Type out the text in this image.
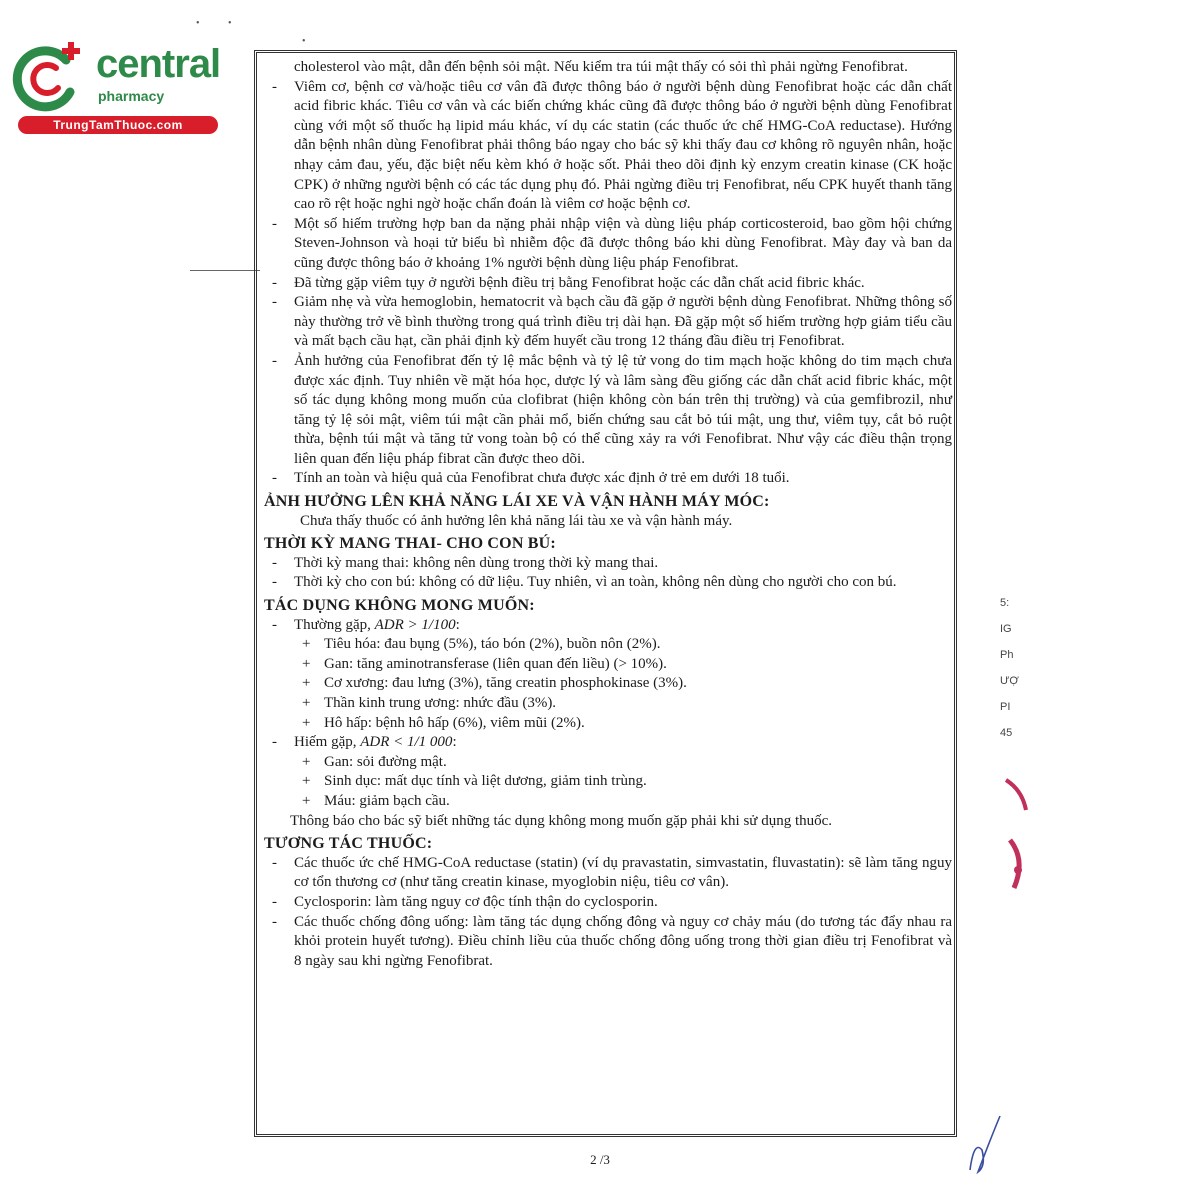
central
pharmacy
TrungTamThuoc.com
•	•
•

cholesterol vào mật, dẫn đến bệnh sỏi mật. Nếu kiểm tra túi mật thấy có sỏi thì phải ngừng Fenofibrat.

- Viêm cơ, bệnh cơ và/hoặc tiêu cơ vân đã được thông báo ở người bệnh dùng Fenofibrat hoặc các dẫn chất acid fibric khác. Tiêu cơ vân và các biến chứng khác cũng đã được thông báo ở người bệnh dùng Fenofibrat cùng với một số thuốc hạ lipid máu khác, ví dụ các statin (các thuốc ức chế HMG-CoA reductase). Hướng dẫn bệnh nhân dùng Fenofibrat phải thông báo ngay cho bác sỹ khi thấy đau cơ không rõ nguyên nhân, hoặc nhạy cảm đau, yếu, đặc biệt nếu kèm khó ở hoặc sốt. Phải theo dõi định kỳ enzym creatin kinase (CK hoặc CPK) ở những người bệnh có các tác dụng phụ đó. Phải ngừng điều trị Fenofibrat, nếu CPK huyết thanh tăng cao rõ rệt hoặc nghi ngờ hoặc chẩn đoán là viêm cơ hoặc bệnh cơ.

- Một số hiếm trường hợp ban da nặng phải nhập viện và dùng liệu pháp corticosteroid, bao gồm hội chứng Steven-Johnson và hoại tử biểu bì nhiễm độc đã được thông báo khi dùng Fenofibrat. Mày đay và ban da cũng được thông báo ở khoảng 1% người bệnh dùng liệu pháp Fenofibrat.

- Đã từng gặp viêm tụy ở người bệnh điều trị bằng Fenofibrat hoặc các dẫn chất acid fibric khác.

- Giảm nhẹ và vừa hemoglobin, hematocrit và bạch cầu đã gặp ở người bệnh dùng Fenofibrat. Những thông số này thường trở về bình thường trong quá trình điều trị dài hạn. Đã gặp một số hiếm trường hợp giảm tiểu cầu và mất bạch cầu hạt, cần phải định kỳ đếm huyết cầu trong 12 tháng đầu điều trị Fenofibrat.

- Ảnh hưởng của Fenofibrat đến tỷ lệ mắc bệnh và tỷ lệ tử vong do tim mạch hoặc không do tim mạch chưa được xác định. Tuy nhiên về mặt hóa học, dược lý và lâm sàng đều giống các dẫn chất acid fibric khác, một số tác dụng không mong muốn của clofibrat (hiện không còn bán trên thị trường) và của gemfibrozil, như tăng tỷ lệ sỏi mật, viêm túi mật cần phải mổ, biến chứng sau cắt bỏ túi mật, ung thư, viêm tụy, cắt bỏ ruột thừa, bệnh túi mật và tăng tử vong toàn bộ có thể cũng xảy ra với Fenofibrat. Như vậy các điều thận trọng liên quan đến liệu pháp fibrat cần được theo dõi.

- Tính an toàn và hiệu quả của Fenofibrat chưa được xác định ở trẻ em dưới 18 tuổi.

ẢNH HƯỞNG LÊN KHẢ NĂNG LÁI XE VÀ VẬN HÀNH MÁY MÓC:

Chưa thấy thuốc có ảnh hưởng lên khả năng lái tàu xe và vận hành máy.

THỜI KỲ MANG THAI- CHO CON BÚ:

- Thời kỳ mang thai: không nên dùng trong thời kỳ mang thai.

- Thời kỳ cho con bú: không có dữ liệu. Tuy nhiên, vì an toàn, không nên dùng cho người cho con bú.

TÁC DỤNG KHÔNG MONG MUỐN:

- Thường gặp, ADR > 1/100:

+ Tiêu hóa: đau bụng (5%), táo bón (2%), buồn nôn (2%).

+ Gan: tăng aminotransferase (liên quan đến liều) (> 10%).

+ Cơ xương: đau lưng (3%), tăng creatin phosphokinase (3%).

+ Thần kinh trung ương: nhức đầu (3%).

+ Hô hấp: bệnh hô hấp (6%), viêm mũi (2%).

- Hiếm gặp, ADR < 1/1 000:

+ Gan: sỏi đường mật.

+ Sinh dục: mất dục tính và liệt dương, giảm tinh trùng.

+ Máu: giảm bạch cầu.

Thông báo cho bác sỹ biết những tác dụng không mong muốn gặp phải khi sử dụng thuốc.

TƯƠNG TÁC THUỐC:

- Các thuốc ức chế HMG-CoA reductase (statin) (ví dụ pravastatin, simvastatin, fluvastatin): sẽ làm tăng nguy cơ tổn thương cơ (như tăng creatin kinase, myoglobin niệu, tiêu cơ vân).

- Cyclosporin: làm tăng nguy cơ độc tính thận do cyclosporin.

- Các thuốc chống đông uống: làm tăng tác dụng chống đông và nguy cơ chảy máu (do tương tác đẩy nhau ra khỏi protein huyết tương). Điều chỉnh liều của thuốc chống đông uống trong thời gian điều trị Fenofibrat và 8 ngày sau khi ngừng Fenofibrat.

2 /3
5:
IG
Ph
ƯỢ
PI
45
